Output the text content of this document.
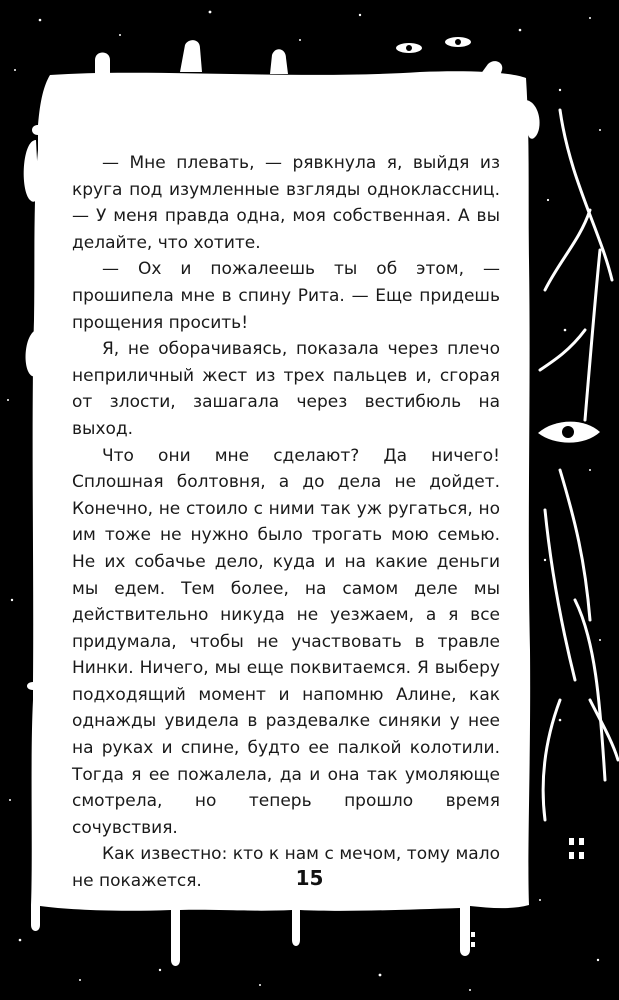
— Мне плевать, — рявкнула я, выйдя из круга под изумленные взгляды одноклассниц. — У меня правда одна, моя собственная. А вы делайте, что хотите.

— Ох и пожалеешь ты об этом, — прошипела мне в спину Рита. — Еще придешь прощения просить!

Я, не оборачиваясь, показала через плечо неприличный жест из трех пальцев и, сгорая от злости, зашагала через вестибюль на выход.

Что они мне сделают? Да ничего! Сплошная болтовня, а до дела не дойдет. Конечно, не стоило с ними так уж ругаться, но им тоже не нужно было трогать мою семью. Не их собачье дело, куда и на какие деньги мы едем. Тем более, на самом деле мы действительно никуда не уезжаем, а я все придумала, чтобы не участвовать в травле Нинки. Ничего, мы еще поквитаемся. Я выберу подходящий момент и напомню Алине, как однажды увидела в раздевалке синяки у нее на руках и спине, будто ее палкой колотили. Тогда я ее пожалела, да и она так умоляюще смотрела, но теперь прошло время сочувствия.

Как известно: кто к нам с мечом, тому мало не покажется.	15
